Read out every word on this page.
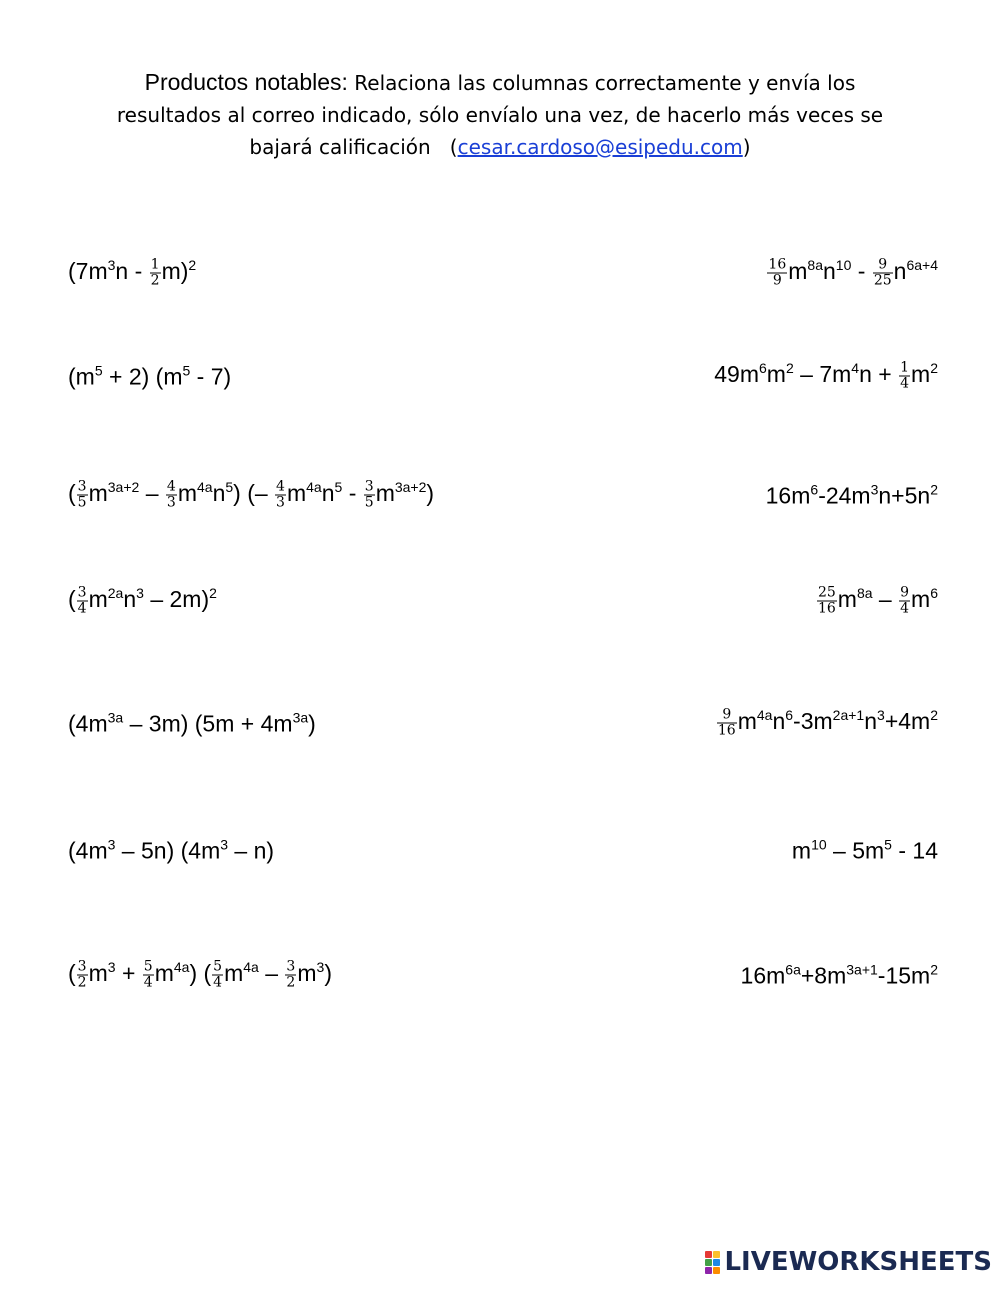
Productos notables: Relaciona las columnas correctamente y envía los
resultados al correo indicado, sólo envíalo una vez, de hacerlo más veces se
bajará calificación (cesar.cardoso@esipedu.com)
$(7m^3n - \frac{1}{2} m)^2$	$\frac{16}{9} m^{8a}n^{10} - \frac{9}{25} n^{6a+4}$
$(m^5 + 2)$ $(m^5 - 7)$	$49m^6m^2 - 7m^4n + \frac{1}{4} m^2$
( $\frac{3}{5} m^{3a+2} - \frac{4}{3} m^{4a}n^5$) (– $\frac{4}{3} m^{4a}n^5 - \frac{3}{5} m^{3a+2}$)	$16m^6-24m^3n+5n^2$
( $\frac{3}{4} m^{2a}n^3 - 2m)^2$	$\frac{25}{16} m^{8a} - \frac{9}{4} m^6$
$(4m^{3a} - 3m) (5m + 4m^{3a})$	$\frac{9}{16} m^{4a}n^6-3m^{2a+1}n^3+4m^2$
$(4m^3 - 5n)$ $(4m^3 - n)$	$m^{10} - 5m^5 - 14$
( $\frac{3}{2} m^3 + \frac{5}{4} m^{4a}$) ( $\frac{5}{4} m^{4a} - \frac{3}{2} m^3$)	$16m^{6a}+8m^{3a+1}-15m^2$
LIVEWORKSHEETS
